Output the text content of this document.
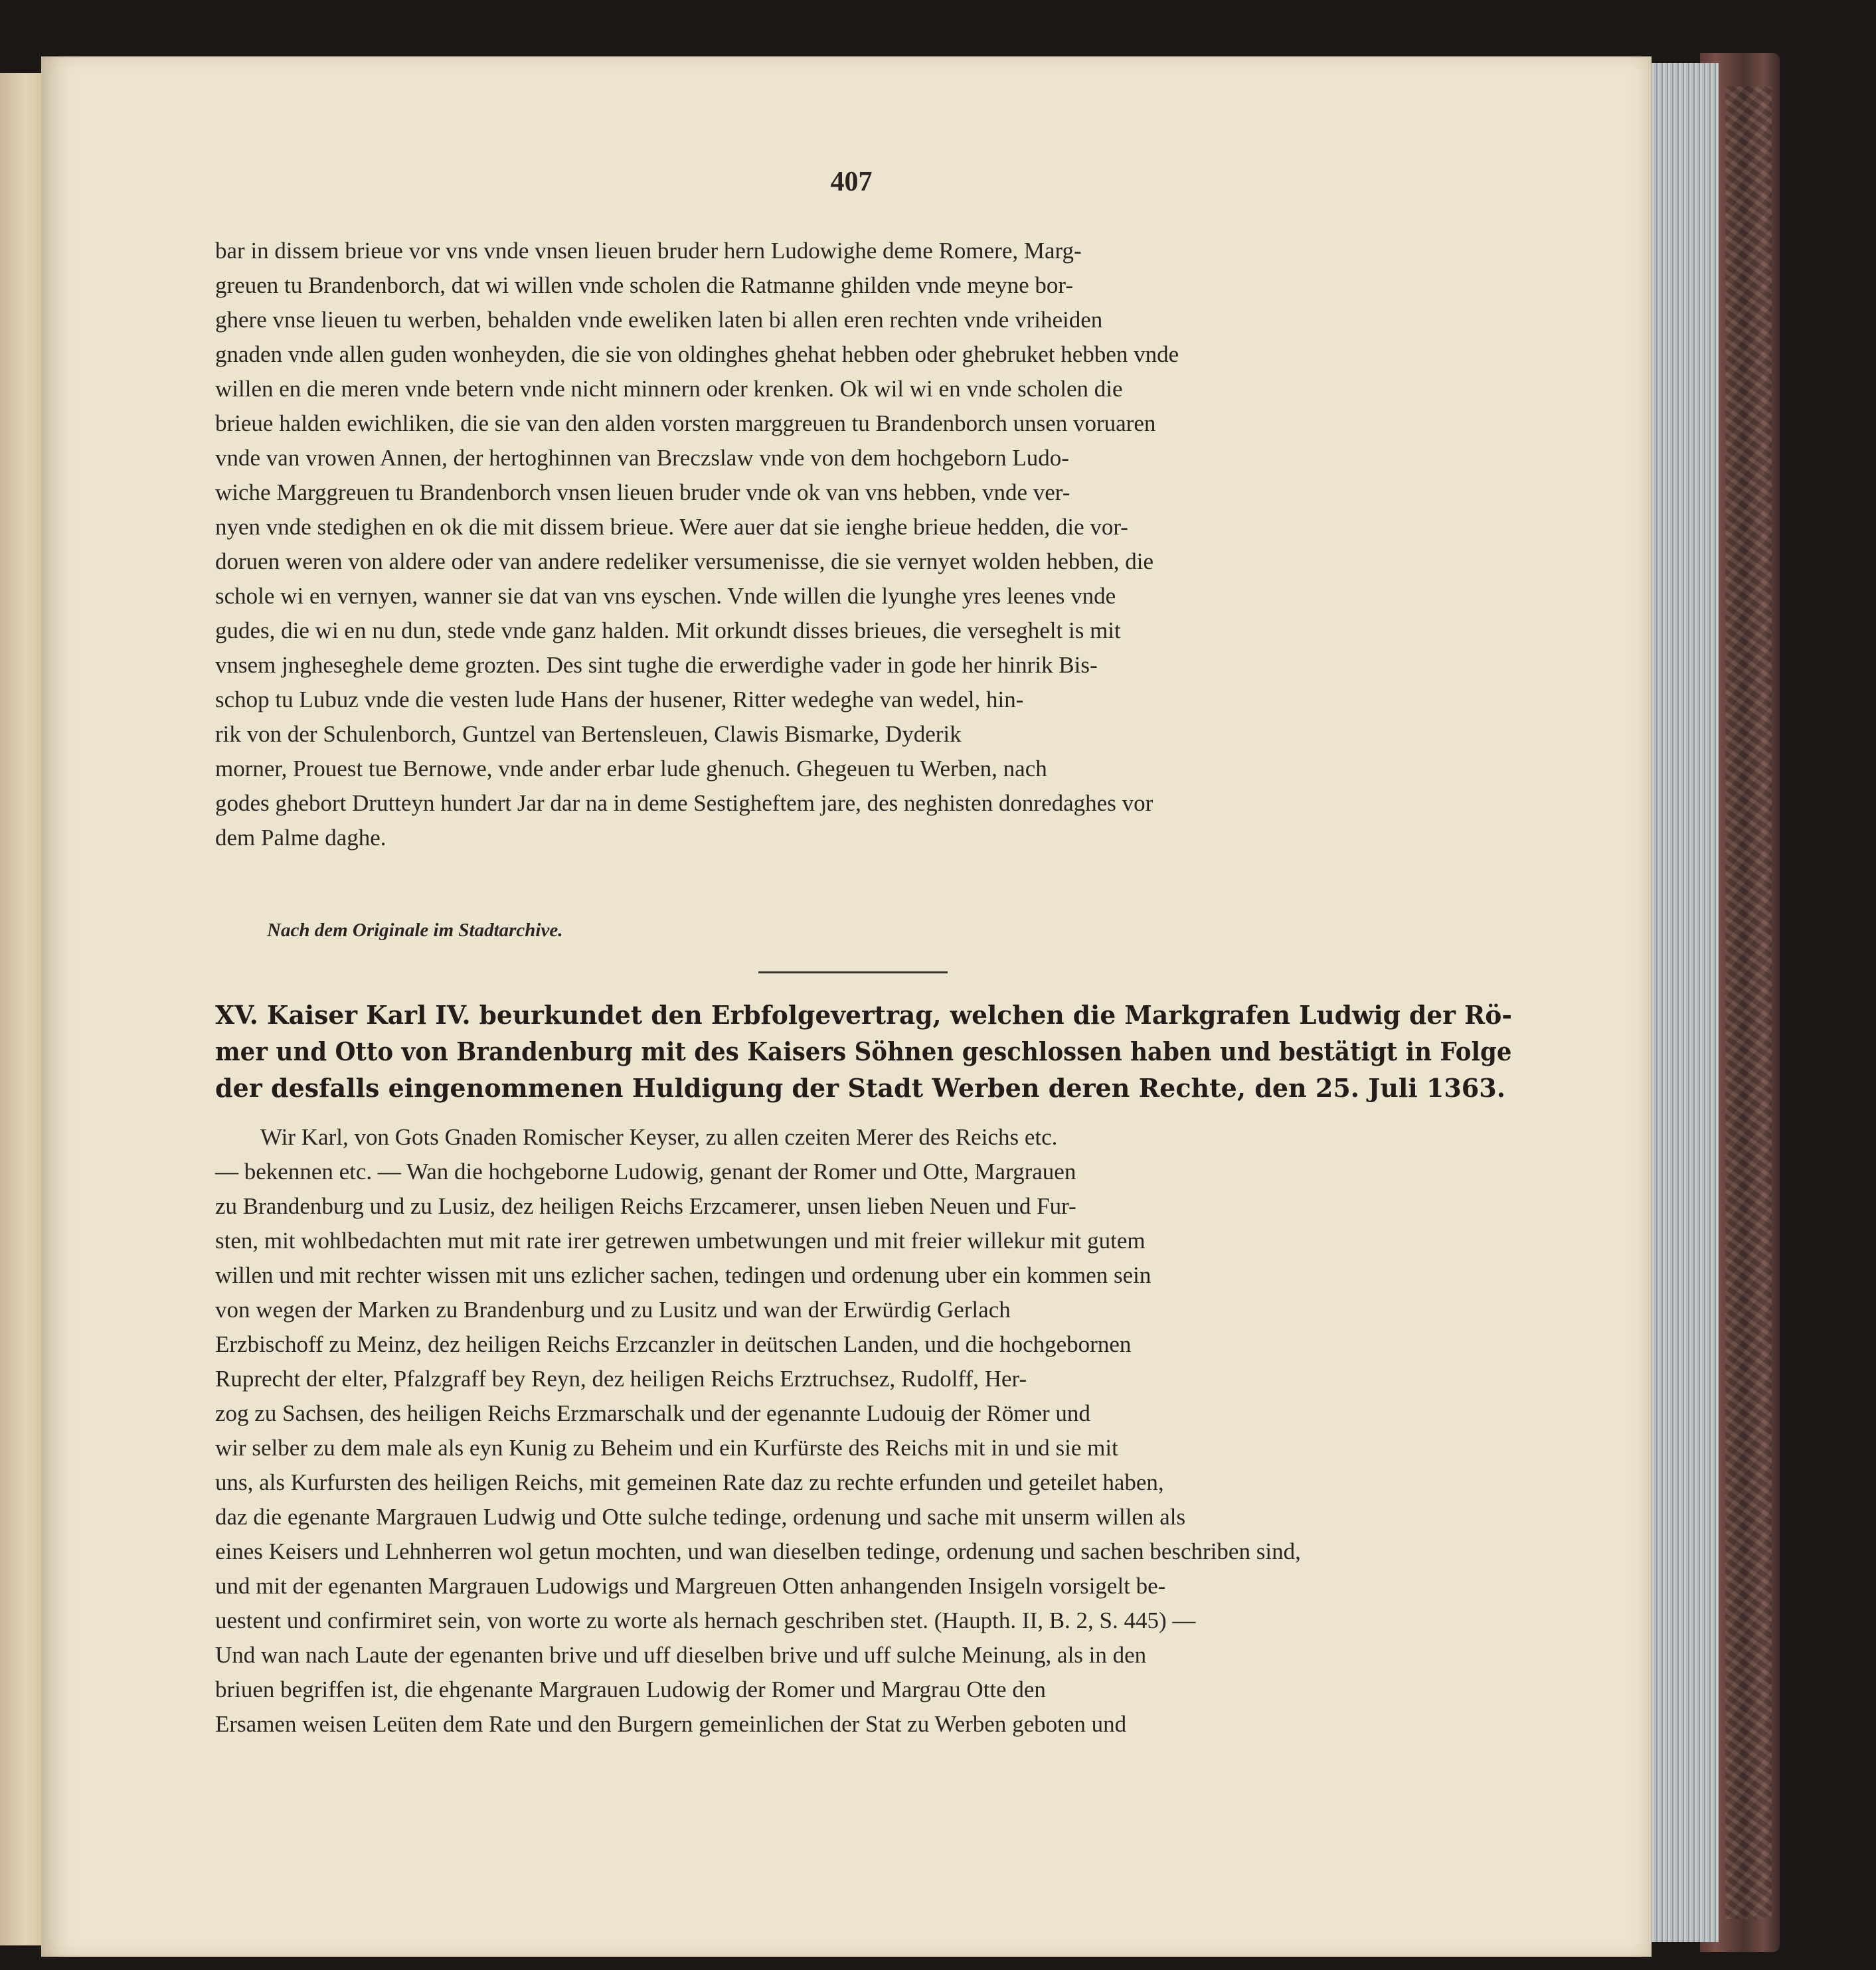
407
bar in dissem brieue vor vns vnde vnsen lieuen bruder hern Ludowighe deme Romere, Marg-
greuen tu Brandenborch, dat wi willen vnde scholen die Ratmanne ghilden vnde meyne bor-
ghere vnse lieuen tu werben, behalden vnde eweliken laten bi allen eren rechten vnde vriheiden
gnaden vnde allen guden wonheyden, die sie von oldinghes ghehat hebben oder ghebruket hebben vnde
willen en die meren vnde betern vnde nicht minnern oder krenken. Ok wil wi en vnde scholen die
brieue halden ewichliken, die sie van den alden vorsten marggreuen tu Brandenborch unsen voruaren
vnde van vrowen Annen, der hertoghinnen van Breczslaw vnde von dem hochgeborn Ludo-
wiche Marggreuen tu Brandenborch vnsen lieuen bruder vnde ok van vns hebben, vnde ver-
nyen vnde stedighen en ok die mit dissem brieue. Were auer dat sie ienghe brieue hedden, die vor-
doruen weren von aldere oder van andere redeliker versumenisse, die sie vernyet wolden hebben, die
schole wi en vernyen, wanner sie dat van vns eyschen. Vnde willen die lyunghe yres leenes vnde
gudes, die wi en nu dun, stede vnde ganz halden. Mit orkundt disses brieues, die verseghelt is mit
vnsem jngheseghele deme grozten. Des sint tughe die erwerdighe vader in gode her hinrik Bis-
schop tu Lubuz vnde die vesten lude Hans der husener, Ritter wedeghe van wedel, hin-
rik von der Schulenborch, Guntzel van Bertensleuen, Clawis Bismarke, Dyderik
morner, Prouest tue Bernowe, vnde ander erbar lude ghenuch. Ghegeuen tu Werben, nach
godes ghebort Drutteyn hundert Jar dar na in deme Sestigheftem jare, des neghisten donredaghes vor
dem Palme daghe.
Nach dem Originale im Stadtarchive.
XV. Kaiser Karl IV. beurkundet den Erbfolgevertrag, welchen die Markgrafen Ludwig der Rö-
mer und Otto von Brandenburg mit des Kaisers Söhnen geschlossen haben und bestätigt in Folge
der desfalls eingenommenen Huldigung der Stadt Werben deren Rechte, den 25. Juli 1363.
Wir Karl, von Gots Gnaden Romischer Keyser, zu allen czeiten Merer des Reichs etc.
— bekennen etc. — Wan die hochgeborne Ludowig, genant der Romer und Otte, Margrauen
zu Brandenburg und zu Lusiz, dez heiligen Reichs Erzcamerer, unsen lieben Neuen und Fur-
sten, mit wohlbedachten mut mit rate irer getrewen umbetwungen und mit freier willekur mit gutem
willen und mit rechter wissen mit uns ezlicher sachen, tedingen und ordenung uber ein kommen sein
von wegen der Marken zu Brandenburg und zu Lusitz und wan der Erwürdig Gerlach
Erzbischoff zu Meinz, dez heiligen Reichs Erzcanzler in deütschen Landen, und die hochgebornen
Ruprecht der elter, Pfalzgraff bey Reyn, dez heiligen Reichs Erztruchsez, Rudolff, Her-
zog zu Sachsen, des heiligen Reichs Erzmarschalk und der egenannte Ludouig der Römer und
wir selber zu dem male als eyn Kunig zu Beheim und ein Kurfürste des Reichs mit in und sie mit
uns, als Kurfursten des heiligen Reichs, mit gemeinen Rate daz zu rechte erfunden und geteilet haben,
daz die egenante Margrauen Ludwig und Otte sulche tedinge, ordenung und sache mit unserm willen als
eines Keisers und Lehnherren wol getun mochten, und wan dieselben tedinge, ordenung und sachen beschriben sind,
und mit der egenanten Margrauen Ludowigs und Margreuen Otten anhangenden Insigeln vorsigelt be-
uestent und confirmiret sein, von worte zu worte als hernach geschriben stet. (Haupth. II, B. 2, S. 445) —
Und wan nach Laute der egenanten brive und uff dieselben brive und uff sulche Meinung, als in den
briuen begriffen ist, die ehgenante Margrauen Ludowig der Romer und Margrau Otte den
Ersamen weisen Leüten dem Rate und den Burgern gemeinlichen der Stat zu Werben geboten und
